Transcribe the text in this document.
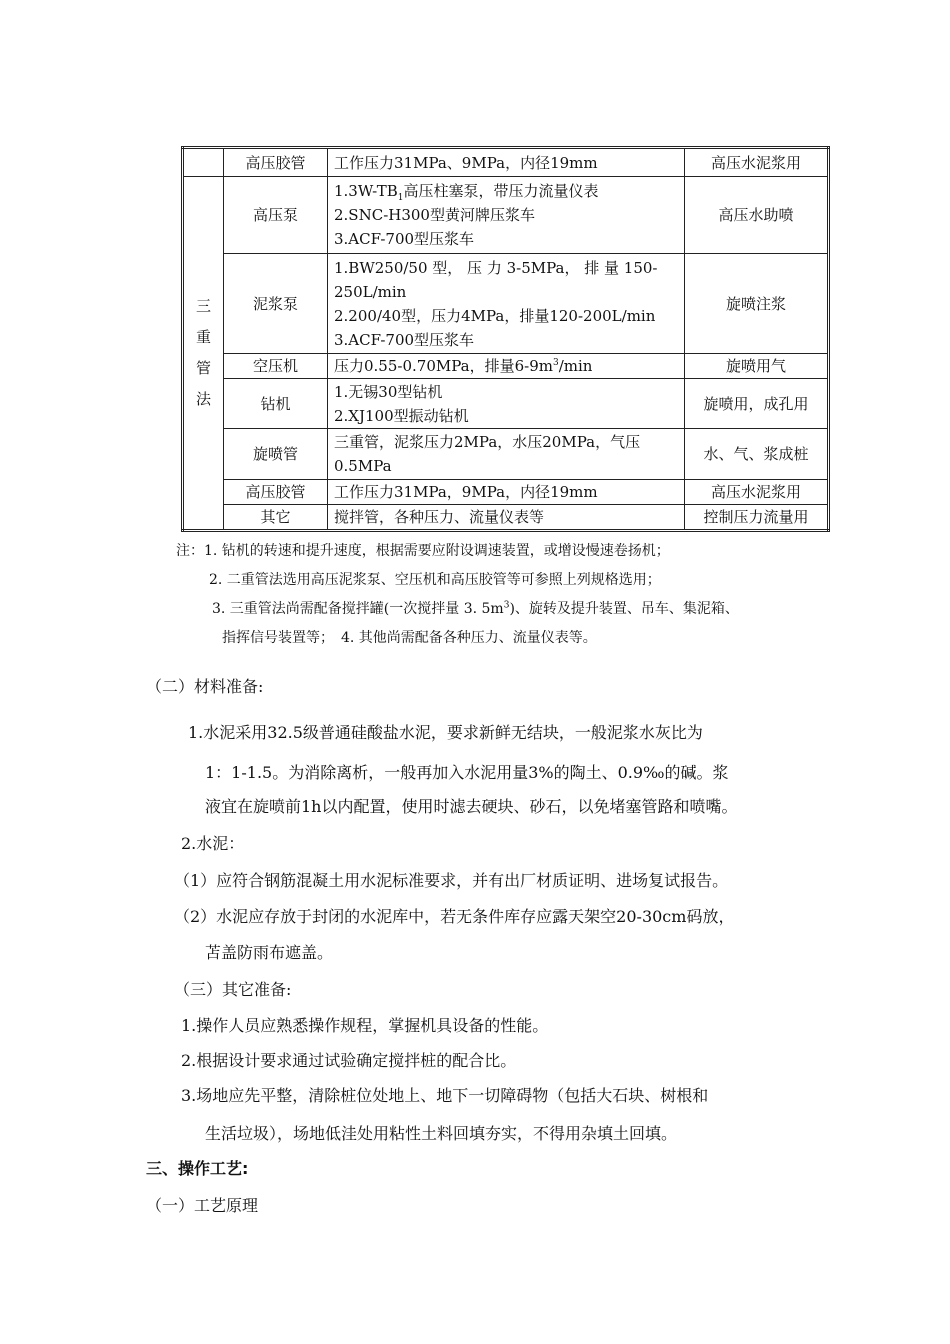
	高压胶管	工作压力31MPa、9MPa，内径19mm	高压水泥浆用
三重管法	高压泵	$1.3W-TB_1$高压柱塞泵，带压力流量仪表
2.SNC-H300型黄河牌压浆车
3.ACF-700型压浆车	高压水助喷
	泥浆泵	1.BW250/50 型， 压 力 3-5MPa， 排 量 150-250L/min
2.200/40型，压力4MPa，排量120-200L/min
3.ACF-700型压浆车	旋喷注浆
	空压机	压力0.55-0.70MPa，排量$6-9m^3/\min$	旋喷用气
	钻机	1.无锡30型钻机
2.XJ100型振动钻机	旋喷用，成孔用
	旋喷管	三重管，泥浆压力2MPa，水压20MPa，气压0.5MPa	水、气、浆成桩
	高压胶管	工作压力31MPa，9MPa，内径19mm	高压水泥浆用
	其它	搅拌管，各种压力、流量仪表等	控制压力流量用
注：1. 钻机的转速和提升速度，根据需要应附设调速装置，或增设慢速卷扬机；
2. 二重管法选用高压泥浆泵、空压机和高压胶管等可参照上列规格选用；
3. 三重管法尚需配备搅拌罐(一次搅拌量 3. $5m^3$)、旋转及提升装置、吊车、集泥箱、
指挥信号装置等；　4. 其他尚需配备各种压力、流量仪表等。
（二）材料准备:
1.水泥采用32.5级普通硅酸盐水泥，要求新鲜无结块，一般泥浆水灰比为
1：1-1.5。为消除离析，一般再加入水泥用量3%的陶土、0.9‰的碱。浆
液宜在旋喷前1h以内配置，使用时滤去硬块、砂石，以免堵塞管路和喷嘴。
2.水泥：
（1）应符合钢筋混凝土用水泥标准要求，并有出厂材质证明、进场复试报告。
（2）水泥应存放于封闭的水泥库中，若无条件库存应露天架空20-30cm码放，
苫盖防雨布遮盖。
（三）其它准备:
1.操作人员应熟悉操作规程，掌握机具设备的性能。
2.根据设计要求通过试验确定搅拌桩的配合比。
3.场地应先平整，清除桩位处地上、地下一切障碍物（包括大石块、树根和
生活垃圾），场地低洼处用粘性土料回填夯实，不得用杂填土回填。
三、操作工艺:
（一）工艺原理
